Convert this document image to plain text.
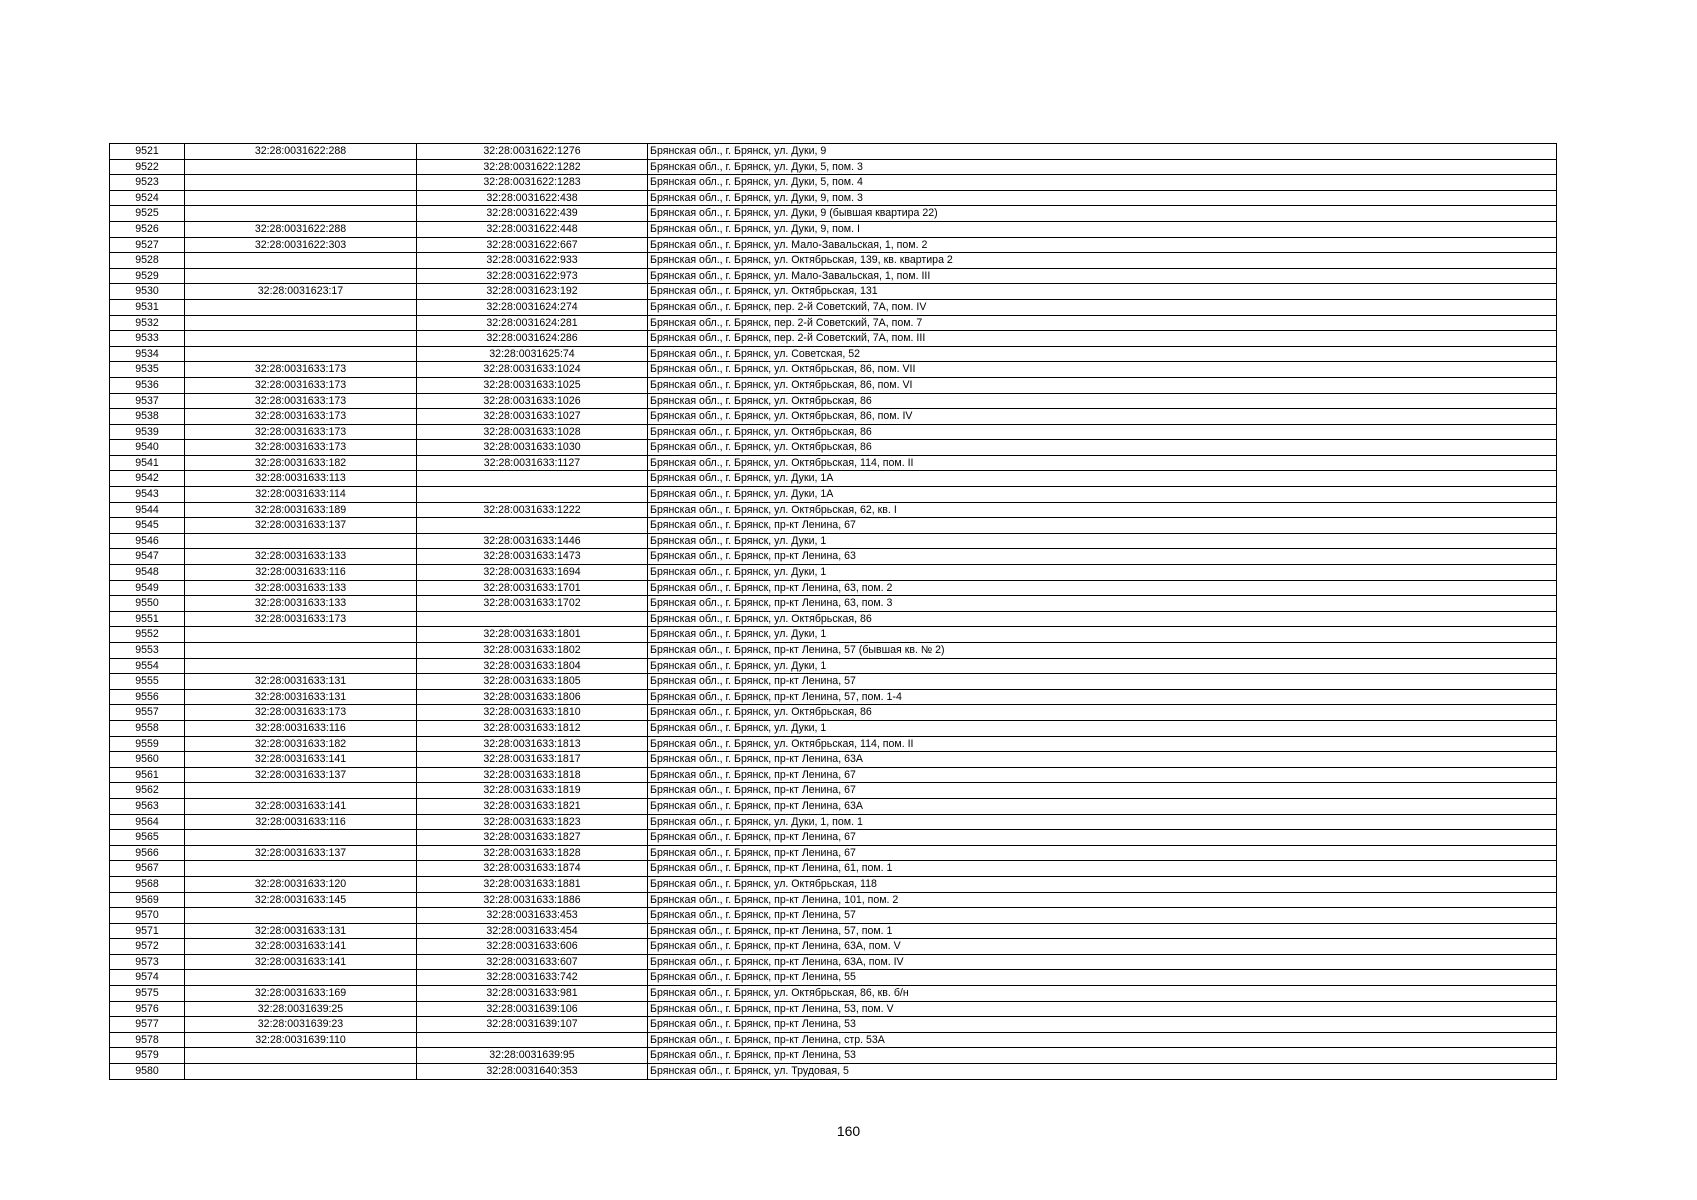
9521	32:28:0031622:288	32:28:0031622:1276	Брянская обл., г. Брянск, ул. Дуки, 9
9522		32:28:0031622:1282	Брянская обл., г. Брянск, ул. Дуки, 5, пом. 3
9523		32:28:0031622:1283	Брянская обл., г. Брянск, ул. Дуки, 5, пом. 4
9524		32:28:0031622:438	Брянская обл., г. Брянск, ул. Дуки, 9, пом. 3
9525		32:28:0031622:439	Брянская обл., г. Брянск, ул. Дуки, 9 (бывшая квартира 22)
9526	32:28:0031622:288	32:28:0031622:448	Брянская обл., г. Брянск, ул. Дуки, 9, пом. I
9527	32:28:0031622:303	32:28:0031622:667	Брянская обл., г. Брянск, ул. Мало-Завальская, 1, пом. 2
9528		32:28:0031622:933	Брянская обл., г. Брянск, ул. Октябрьская, 139, кв. квартира 2
9529		32:28:0031622:973	Брянская обл., г. Брянск, ул. Мало-Завальская, 1, пом. III
9530	32:28:0031623:17	32:28:0031623:192	Брянская обл., г. Брянск, ул. Октябрьская, 131
9531		32:28:0031624:274	Брянская обл., г. Брянск, пер. 2-й Советский, 7А, пом. IV
9532		32:28:0031624:281	Брянская обл., г. Брянск, пер. 2-й Советский, 7А, пом. 7
9533		32:28:0031624:286	Брянская обл., г. Брянск, пер. 2-й Советский, 7А, пом. III
9534		32:28:0031625:74	Брянская обл., г. Брянск, ул. Советская, 52
9535	32:28:0031633:173	32:28:0031633:1024	Брянская обл., г. Брянск, ул. Октябрьская, 86, пом. VII
9536	32:28:0031633:173	32:28:0031633:1025	Брянская обл., г. Брянск, ул. Октябрьская, 86, пом. VI
9537	32:28:0031633:173	32:28:0031633:1026	Брянская обл., г. Брянск, ул. Октябрьская, 86
9538	32:28:0031633:173	32:28:0031633:1027	Брянская обл., г. Брянск, ул. Октябрьская, 86, пом. IV
9539	32:28:0031633:173	32:28:0031633:1028	Брянская обл., г. Брянск, ул. Октябрьская, 86
9540	32:28:0031633:173	32:28:0031633:1030	Брянская обл., г. Брянск, ул. Октябрьская, 86
9541	32:28:0031633:182	32:28:0031633:1127	Брянская обл., г. Брянск, ул. Октябрьская, 114, пом. II
9542	32:28:0031633:113		Брянская обл., г. Брянск, ул. Дуки, 1А
9543	32:28:0031633:114		Брянская обл., г. Брянск, ул. Дуки, 1А
9544	32:28:0031633:189	32:28:0031633:1222	Брянская обл., г. Брянск, ул. Октябрьская, 62, кв. I
9545	32:28:0031633:137		Брянская обл., г. Брянск, пр-кт Ленина, 67
9546		32:28:0031633:1446	Брянская обл., г. Брянск, ул. Дуки, 1
9547	32:28:0031633:133	32:28:0031633:1473	Брянская обл., г. Брянск, пр-кт Ленина, 63
9548	32:28:0031633:116	32:28:0031633:1694	Брянская обл., г. Брянск, ул. Дуки, 1
9549	32:28:0031633:133	32:28:0031633:1701	Брянская обл., г. Брянск, пр-кт Ленина, 63, пом. 2
9550	32:28:0031633:133	32:28:0031633:1702	Брянская обл., г. Брянск, пр-кт Ленина, 63, пом. 3
9551	32:28:0031633:173		Брянская обл., г. Брянск, ул. Октябрьская, 86
9552		32:28:0031633:1801	Брянская обл., г. Брянск, ул. Дуки, 1
9553		32:28:0031633:1802	Брянская обл., г. Брянск, пр-кт Ленина, 57 (бывшая кв. № 2)
9554		32:28:0031633:1804	Брянская обл., г. Брянск, ул. Дуки, 1
9555	32:28:0031633:131	32:28:0031633:1805	Брянская обл., г. Брянск, пр-кт Ленина, 57
9556	32:28:0031633:131	32:28:0031633:1806	Брянская обл., г. Брянск, пр-кт Ленина, 57, пом. 1-4
9557	32:28:0031633:173	32:28:0031633:1810	Брянская обл., г. Брянск, ул. Октябрьская, 86
9558	32:28:0031633:116	32:28:0031633:1812	Брянская обл., г. Брянск, ул. Дуки, 1
9559	32:28:0031633:182	32:28:0031633:1813	Брянская обл., г. Брянск, ул. Октябрьская, 114, пом. II
9560	32:28:0031633:141	32:28:0031633:1817	Брянская обл., г. Брянск, пр-кт Ленина, 63А
9561	32:28:0031633:137	32:28:0031633:1818	Брянская обл., г. Брянск, пр-кт Ленина, 67
9562		32:28:0031633:1819	Брянская обл., г. Брянск, пр-кт Ленина, 67
9563	32:28:0031633:141	32:28:0031633:1821	Брянская обл., г. Брянск, пр-кт Ленина, 63А
9564	32:28:0031633:116	32:28:0031633:1823	Брянская обл., г. Брянск, ул. Дуки, 1, пом. 1
9565		32:28:0031633:1827	Брянская обл., г. Брянск, пр-кт Ленина, 67
9566	32:28:0031633:137	32:28:0031633:1828	Брянская обл., г. Брянск, пр-кт Ленина, 67
9567		32:28:0031633:1874	Брянская обл., г. Брянск, пр-кт Ленина, 61, пом. 1
9568	32:28:0031633:120	32:28:0031633:1881	Брянская обл., г. Брянск, ул. Октябрьская, 118
9569	32:28:0031633:145	32:28:0031633:1886	Брянская обл., г. Брянск, пр-кт Ленина, 101, пом. 2
9570		32:28:0031633:453	Брянская обл., г. Брянск, пр-кт Ленина, 57
9571	32:28:0031633:131	32:28:0031633:454	Брянская обл., г. Брянск, пр-кт Ленина, 57, пом. 1
9572	32:28:0031633:141	32:28:0031633:606	Брянская обл., г. Брянск, пр-кт Ленина, 63А, пом. V
9573	32:28:0031633:141	32:28:0031633:607	Брянская обл., г. Брянск, пр-кт Ленина, 63А, пом. IV
9574		32:28:0031633:742	Брянская обл., г. Брянск, пр-кт Ленина, 55
9575	32:28:0031633:169	32:28:0031633:981	Брянская обл., г. Брянск, ул. Октябрьская, 86, кв. б/н
9576	32:28:0031639:25	32:28:0031639:106	Брянская обл., г. Брянск, пр-кт Ленина, 53, пом. V
9577	32:28:0031639:23	32:28:0031639:107	Брянская обл., г. Брянск, пр-кт Ленина, 53
9578	32:28:0031639:110		Брянская обл., г. Брянск, пр-кт Ленина, стр. 53А
9579		32:28:0031639:95	Брянская обл., г. Брянск, пр-кт Ленина, 53
9580		32:28:0031640:353	Брянская обл., г. Брянск, ул. Трудовая, 5
160
